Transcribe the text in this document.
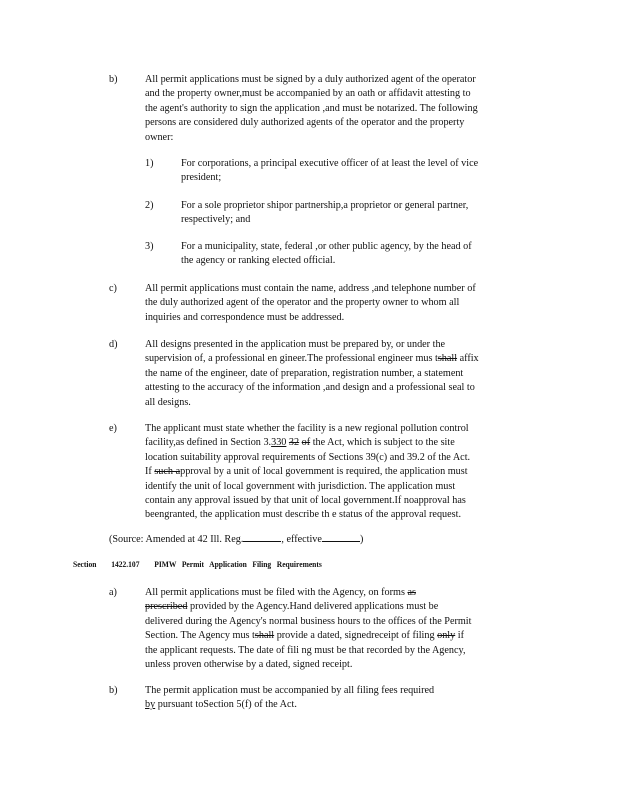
b)	All permit applications must be signed by a duly authorized agent of the operator
and the property owner,must be accompanied by an oath or affidavit attesting to
the agent's authority to sign the application ,and must be notarized. The following
persons are considered duly authorized agents of the operator and the property
owner:
1)	For corporations, a principal executive officer of at least the level of vice
president;
2)	For a sole proprietor shipor partnership,a proprietor or general partner,
respectively; and
3)	For a municipality, state, federal ,or other public agency, by the head of
the agency or ranking elected official.
c)	All permit applications must contain the name, address ,and telephone number of
the duly authorized agent of the operator and the property owner to whom all
inquiries and correspondence must be addressed.
d)	All designs presented in the application must be prepared by, or under the
supervision of, a professional en gineer.The professional engineer mus tshall affix
the name of the engineer, date of preparation, registration number, a statement
attesting to the accuracy of the information ,and design and a professional seal to
all designs.
e)	The applicant must state whether the facility is a new regional pollution control
facility,as defined in Section 3.330 32 of the Act, which is subject to the site
location suitability approval requirements of Sections 39(c) and 39.2 of the Act.
If such approval by a unit of local government is required, the application must
identify the unit of local government with jurisdiction. The application must
contain any approval issued by that unit of local government.If noapproval has
beengranted, the application must describe th e status of the approval request.
(Source: Amended at 42 Ill. Reg.	, effective	)
Section 1422.107 PIMW Permit Application Filing Requirements
a)	All permit applications must be filed with the Agency, on forms as
prescribed provided by the Agency.Hand delivered applications must be
delivered during the Agency's normal business hours to the offices of the Permit
Section. The Agency mus tshall provide a dated, signedreceipt of filing only if
the applicant requests. The date of fili ng must be that recorded by the Agency,
unless proven otherwise by a dated, signed receipt.
b)	The permit application must be accompanied by all filing fees required
by pursuant toSection 5(f) of the Act.
